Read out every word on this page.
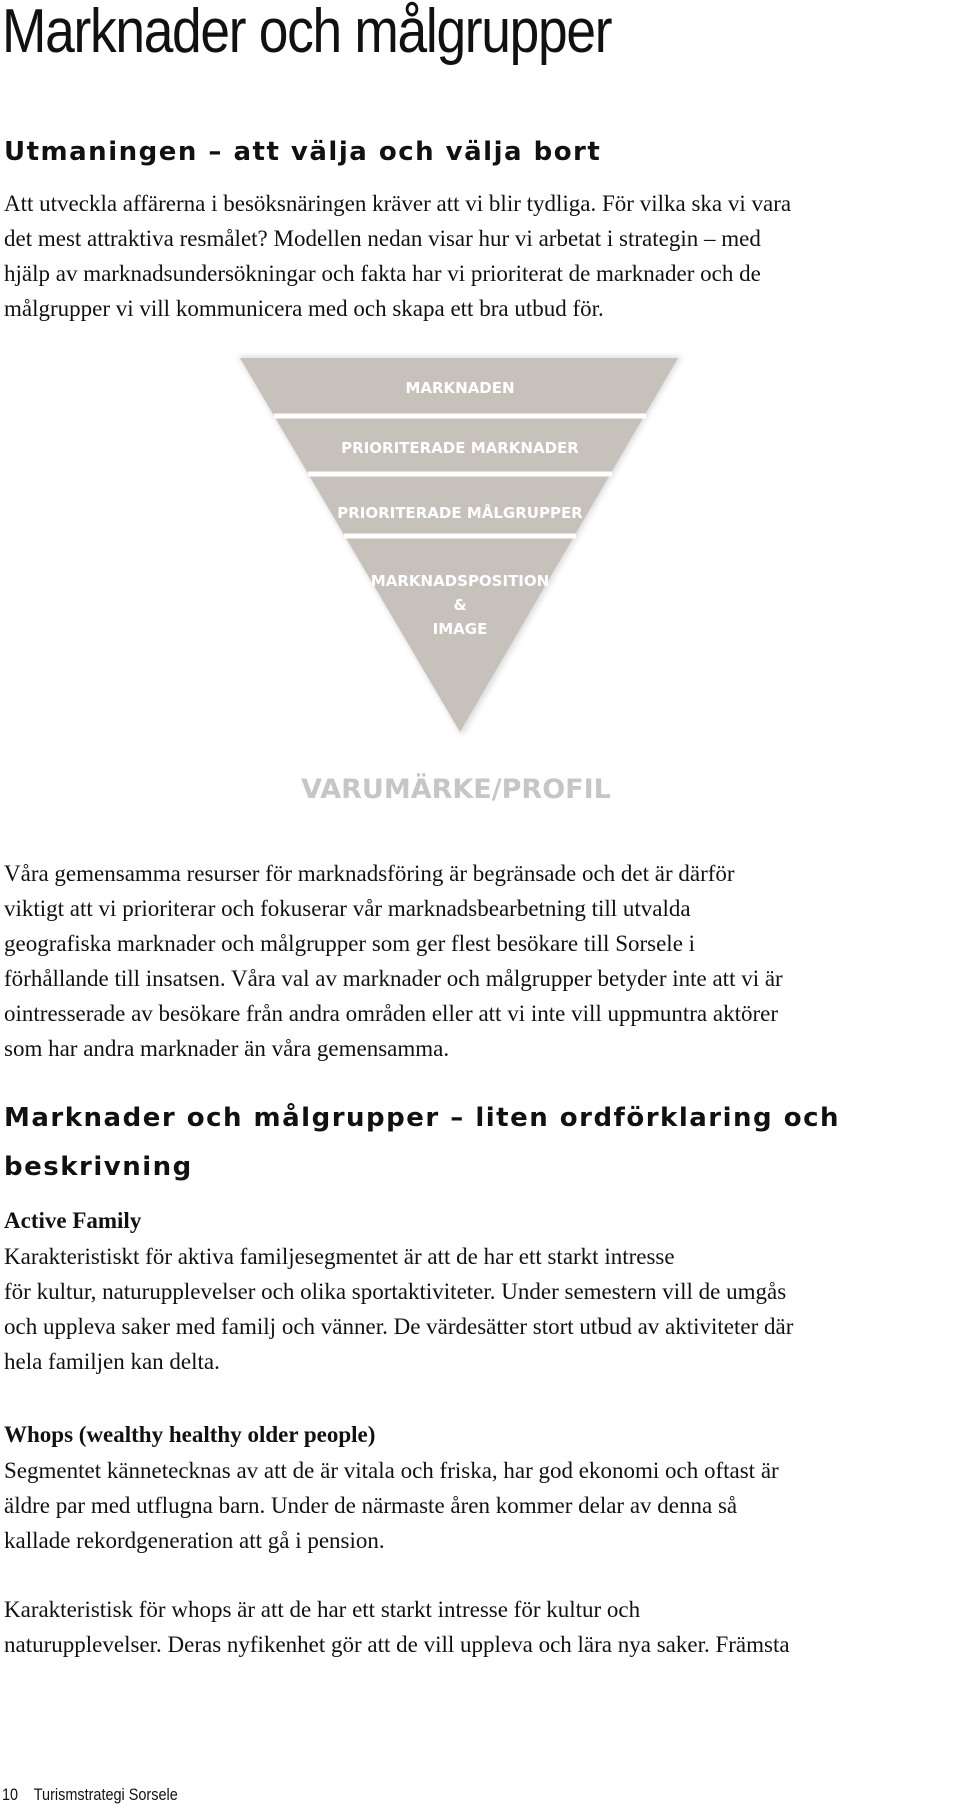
Marknader och målgrupper
Utmaningen – att välja och välja bort

Att utveckla affärerna i besöksnäringen kräver att vi blir tydliga. För vilka ska vi vara
det mest attraktiva resmålet? Modellen nedan visar hur vi arbetat i strategin – med
hjälp av marknadsundersökningar och fakta har vi prioriterat de marknader och de
målgrupper vi vill kommunicera med och skapa ett bra utbud för.

MARKNADEN
PRIORITERADE MARKNADER
PRIORITERADE MÅLGRUPPER
MARKNADSPOSITION
&
IMAGE
VARUMÄRKE/PROFIL

Våra gemensamma resurser för marknadsföring är begränsade och det är därför
viktigt att vi prioriterar och fokuserar vår marknadsbearbetning till utvalda
geografiska marknader och målgrupper som ger flest besökare till Sorsele i
förhållande till insatsen. Våra val av marknader och målgrupper betyder inte att vi är
ointresserade av besökare från andra områden eller att vi inte vill uppmuntra aktörer
som har andra marknader än våra gemensamma.

Marknader och målgrupper – liten ordförklaring och
beskrivning
Active Family

Karakteristiskt för aktiva familjesegmentet är att de har ett starkt intresse
för kultur, naturupplevelser och olika sportaktiviteter. Under semestern vill de umgås
och uppleva saker med familj och vänner. De värdesätter stort utbud av aktiviteter där
hela familjen kan delta.

Whops (wealthy healthy older people)

Segmentet kännetecknas av att de är vitala och friska, har god ekonomi och oftast är
äldre par med utflugna barn. Under de närmaste åren kommer delar av denna så
kallade rekordgeneration att gå i pension.

Karakteristisk för whops är att de har ett starkt intresse för kultur och
naturupplevelser. Deras nyfikenhet gör att de vill uppleva och lära nya saker. Främsta

10 Turismstrategi Sorsele
